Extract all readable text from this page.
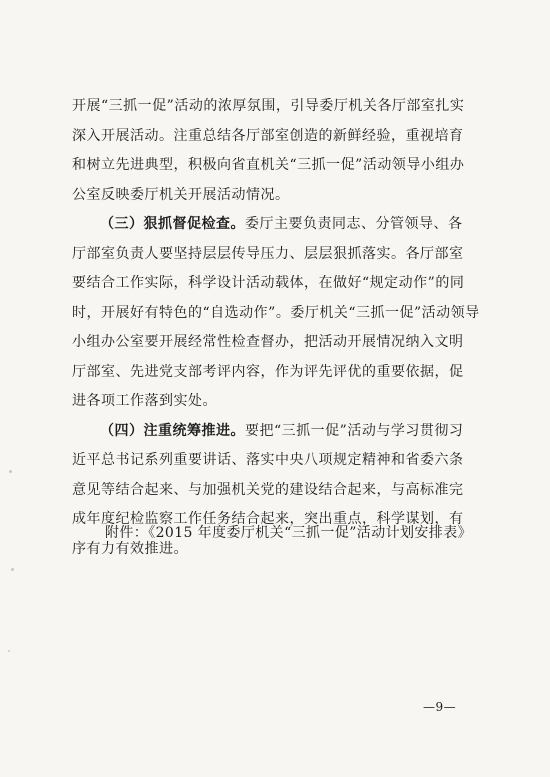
开展“三抓一促”活动的浓厚氛围，引导委厅机关各厅部室扎实
深入开展活动。注重总结各厅部室创造的新鲜经验，重视培育
和树立先进典型，积极向省直机关“三抓一促”活动领导小组办
公室反映委厅机关开展活动情况。

（三）狠抓督促检查。委厅主要负责同志、分管领导、各
厅部室负责人要坚持层层传导压力、层层狠抓落实。各厅部室
要结合工作实际，科学设计活动载体，在做好“规定动作”的同
时，开展好有特色的“自选动作”。委厅机关“三抓一促”活动领导
小组办公室要开展经常性检查督办，把活动开展情况纳入文明
厅部室、先进党支部考评内容，作为评先评优的重要依据，促
进各项工作落到实处。

（四）注重统筹推进。要把“三抓一促”活动与学习贯彻习
近平总书记系列重要讲话、落实中央八项规定精神和省委六条
意见等结合起来、与加强机关党的建设结合起来，与高标准完
成年度纪检监察工作任务结合起来，突出重点，科学谋划，有
序有力有效推进。

附件：《2015 年度委厅机关“三抓一促”活动计划安排表》
—9—
